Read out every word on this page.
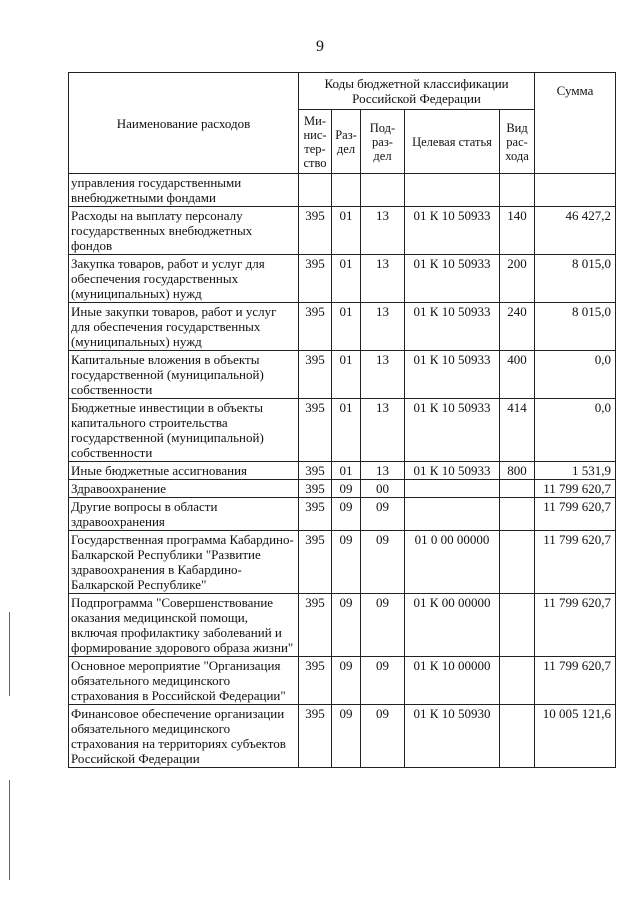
9
Наименование расходов	Коды бюджетной классификации Российской Федерации					Сумма
	Ми- нис- тер- ство	Раз- дел	Под- раз- дел	Целевая статья	Вид рас- хода	
управления государственными внебюджетными фондами						
Расходы на выплату персоналу государственных внебюджетных фондов	395	01	13	01 К 10 50933	140	46 427,2
Закупка товаров, работ и услуг для обеспечения государственных (муниципальных) нужд	395	01	13	01 К 10 50933	200	8 015,0
Иные закупки товаров, работ и услуг для обеспечения государственных (муниципальных) нужд	395	01	13	01 К 10 50933	240	8 015,0
Капитальные вложения в объекты государственной (муниципальной) собственности	395	01	13	01 К 10 50933	400	0,0
Бюджетные инвестиции в объекты капитального строительства государственной (муниципальной) собственности	395	01	13	01 К 10 50933	414	0,0
Иные бюджетные ассигнования	395	01	13	01 К 10 50933	800	1 531,9
Здравоохранение	395	09	00			11 799 620,7
Другие вопросы в области здравоохранения	395	09	09			11 799 620,7
Государственная программа Кабардино-Балкарской Республики "Развитие здравоохранения в Кабардино-Балкарской Республике"	395	09	09	01 0 00 00000		11 799 620,7
Подпрограмма "Совершенствование оказания медицинской помощи, включая профилактику заболеваний и формирование здорового образа жизни"	395	09	09	01 К 00 00000		11 799 620,7
Основное мероприятие "Организация обязательного медицинского страхования в Российской Федерации"	395	09	09	01 К 10 00000		11 799 620,7
Финансовое обеспечение организации обязательного медицинского страхования на территориях субъектов Российской Федерации	395	09	09	01 К 10 50930		10 005 121,6
